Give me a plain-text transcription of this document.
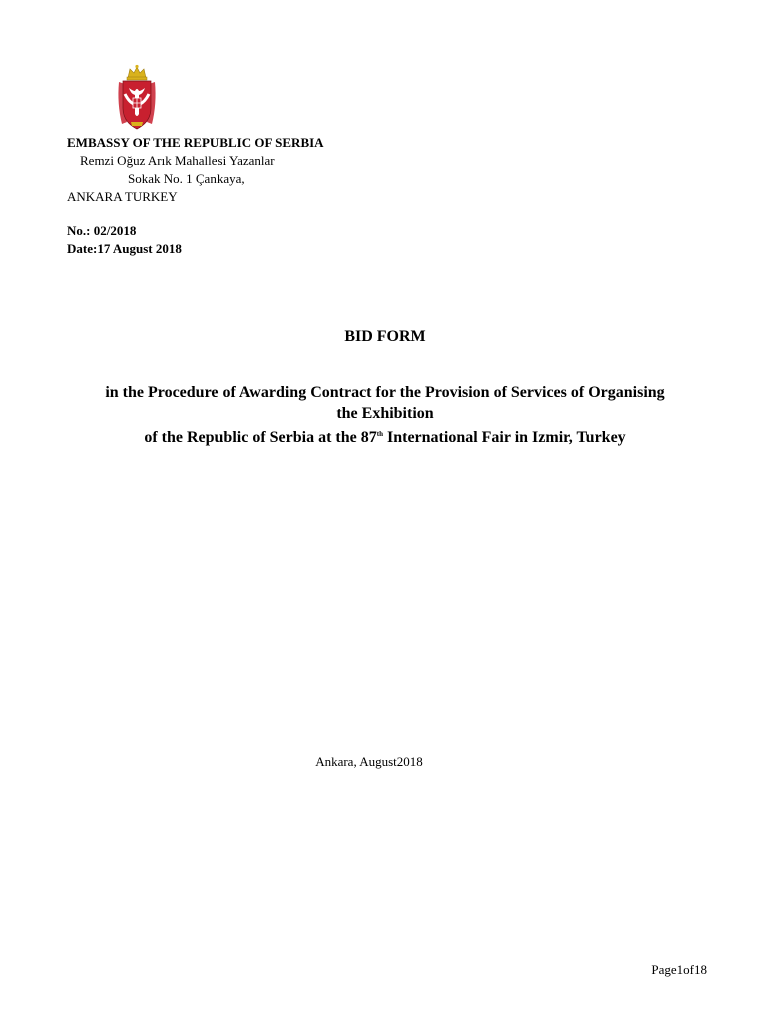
EMBASSY OF THE REPUBLIC OF SERBIA
Remzi Oğuz Arık Mahallesi Yazanlar
Sokak No. 1 Çankaya,
ANKARA TURKEY
No.: 02/2018
Date:17 August 2018
BID FORM
in the Procedure of Awarding Contract for the Provision of Services of Organising
the Exhibition
of the Republic of Serbia at the 87th International Fair in Izmir, Turkey
Ankara, August2018
Page1of18
